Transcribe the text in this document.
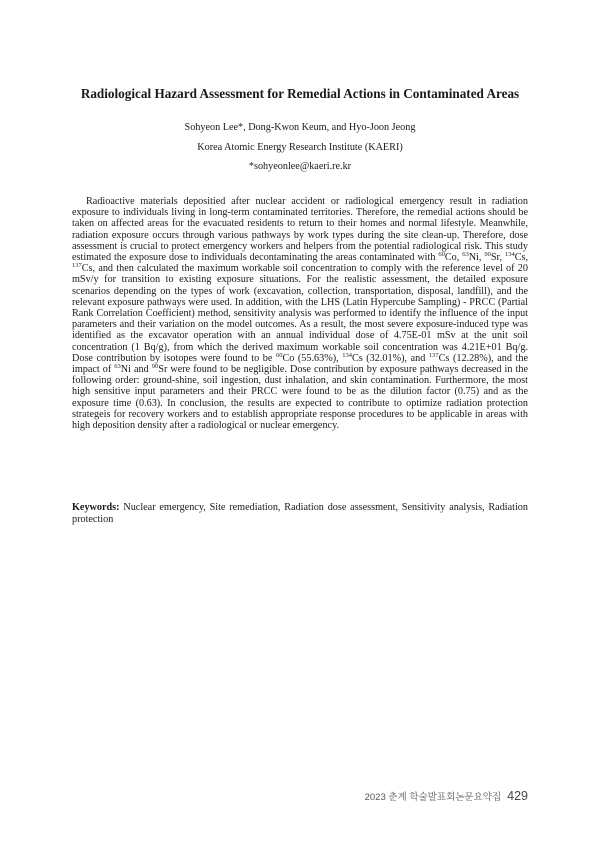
Radiological Hazard Assessment for Remedial Actions in Contaminated Areas
Sohyeon Lee*, Dong-Kwon Keum, and Hyo-Joon Jeong
Korea Atomic Energy Research Institute (KAERI)
*sohyeonlee@kaeri.re.kr

Radioactive materials depositied after nuclear accident or radiological emergency result in radiation exposure to individuals living in long-term contaminated territories. Therefore, the remedial actions should be taken on affected areas for the evacuated residents to return to their homes and normal lifestyle. Meanwhile, radiation exposure occurs through various pathways by work types during the site clean-up. Therefore, dose assessment is crucial to protect emergency workers and helpers from the potential radiological risk. This study estimated the exposure dose to individuals decontaminating the areas contaminated with $^{60}$Co, $^{63}$Ni, $^{90}$Sr, $^{134}$Cs, $^{137}$Cs, and then calculated the maximum workable soil concentration to comply with the reference level of 20 mSv/y for transition to existing exposure situations. For the realistic assessment, the detailed exposure scenarios depending on the types of work (excavation, collection, transportation, disposal, landfill), and the relevant exposure pathways were used. In addition, with the LHS (Latin Hypercube Sampling) - PRCC (Partial Rank Correlation Coefficient) method, sensitivity analysis was performed to identify the influence of the input parameters and their variation on the model outcomes. As a result, the most severe exposure-induced type was identified as the excavator operation with an annual individual dose of 4.75E-01 mSv at the unit soil concentration (1 Bq/g), from which the derived maximum workable soil concentration was 4.21E+01 Bq/g. Dose contribution by isotopes were found to be $^{60}$Co (55.63%), $^{134}$Cs (32.01%), and $^{137}$Cs (12.28%), and the impact of $^{63}$Ni and $^{90}$Sr were found to be negligible. Dose contribution by exposure pathways decreased in the following order: ground-shine, soil ingestion, dust inhalation, and skin contamination. Furthermore, the most high sensitive input parameters and their PRCC were found to be as the dilution factor (0.75) and as the exposure time (0.63). In conclusion, the results are expected to contribute to optimize radiation protection strategeis for recovery workers and to establish appropriate response procedures to be applicable in areas with high deposition density after a radiological or nuclear emergency.

Keywords: Nuclear emergency, Site remediation, Radiation dose assessment, Sensitivity analysis, Radiation protection
2023 춘계 학술발표회논문요약집 429
